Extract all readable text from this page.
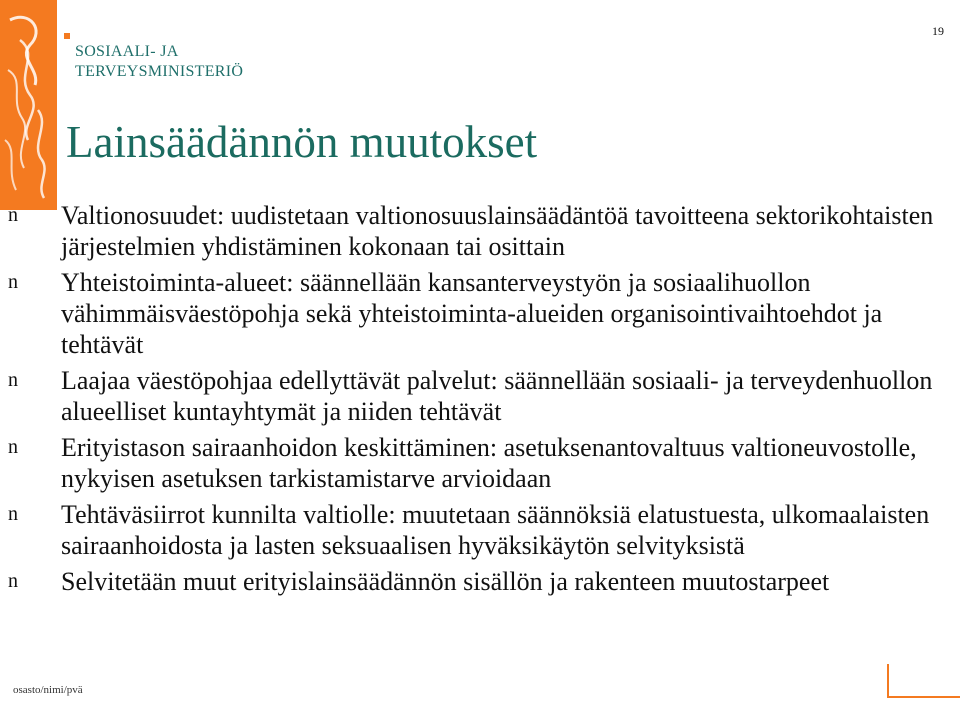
SOSIAALI- JA
TERVEYSMINISTERIÖ
19
Lainsäädännön muutokset
n Valtionosuudet: uudistetaan valtionosuuslainsäädäntöä tavoitteena sektorikohtaisten järjestelmien yhdistäminen kokonaan tai osittain
n Yhteistoiminta-alueet: säännellään kansanterveystyön ja sosiaalihuollon vähimmäisväestöpohja sekä yhteistoiminta-alueiden organisointivaihtoehdot ja tehtävät
n Laajaa väestöpohjaa edellyttävät palvelut: säännellään sosiaali- ja terveydenhuollon alueelliset kuntayhtymät ja niiden tehtävät
n Erityistason sairaanhoidon keskittäminen: asetuksenantovaltuus valtioneuvostolle, nykyisen asetuksen tarkistamistarve arvioidaan
n Tehtäväsiirrot kunnilta valtiolle: muutetaan säännöksiä elatustuesta, ulkomaalaisten sairaanhoidosta ja lasten seksuaalisen hyväksikäytön selvityksistä
n Selvitetään muut erityislainsäädännön sisällön ja rakenteen muutostarpeet
osasto/nimi/pvä
